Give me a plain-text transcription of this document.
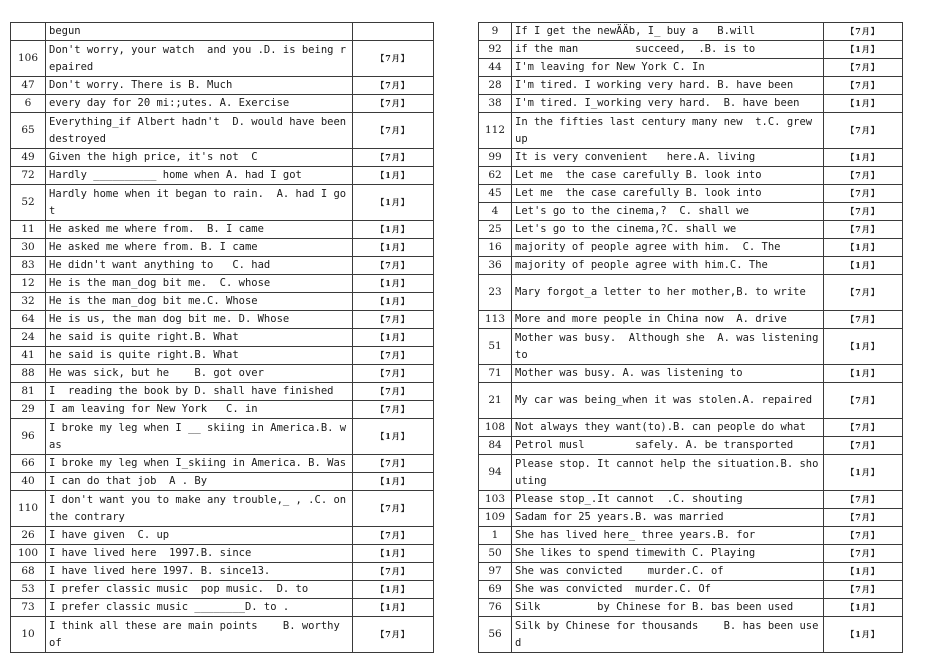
	begun	
106	Don't worry, your watch  and you .D. is being repaired	【7月】
47	Don't worry. There is B. Much	【7月】
6	every day for 20 mi:;utes. A. Exercise	【7月】
65	Everything_if Albert hadn't  D. would have been destroyed	【7月】
49	Given the high price, it's not  C	【7月】
72	Hardly __________ home when A. had I got	【1月】
52	Hardly home when it began to rain.  A. had I got	【1月】
11	He asked me where from.  B. I came	【1月】
30	He asked me where from. B. I came	【1月】
83	He didn't want anything to   C. had	【7月】
12	He is the man_dog bit me.  C. whose	【1月】
32	He is the man_dog bit me.C. Whose	【1月】
64	He is us, the man dog bit me. D. Whose	【7月】
24	he said is quite right.B. What	【1月】
41	he said is quite right.B. What	【7月】
88	He was sick, but he    B. got over	【7月】
81	I  reading the book by D. shall have finished	【7月】
29	I am leaving for New York   C. in	【7月】
96	I broke my leg when I __ skiing in America.B. was	【1月】
66	I broke my leg when I_skiing in America. B. Was	【7月】
40	I can do that job  A . By	【1月】
110	I don't want you to make any trouble,_ , .C. on the contrary	【7月】
26	I have given  C. up	【7月】
100	I have lived here  1997.B. since	【1月】
68	I have lived here 1997. B. since13.	【7月】
53	I prefer classic music  pop music.  D. to	【1月】
73	I prefer classic music ________D. to .	【1月】
10	I think all these are main points    B. worthy of	【7月】
9	If I get the newÄÄb, I_ buy a   B.will	【7月】
92	if the man         succeed,  .B. is to	【1月】
44	I'm leaving for New York C. In	【7月】
28	I'm tired. I working very hard. B. have been	【7月】
38	I'm tired. I_working very hard.  B. have been	【1月】
112	In the fifties last century many new  t.C. grew up	【7月】
99	It is very convenient   here.A. living	【1月】
62	Let me  the case carefully B. look into	【7月】
45	Let me  the case carefully B. look into	【7月】
4	Let's go to the cinema,?  C. shall we	【7月】
25	Let's go to the cinema,?C. shall we	【7月】
16	majority of people agree with him.  C. The	【1月】
36	majority of people agree with him.C. The	【1月】
23	Mary forgot_a letter to her mother,B. to write	【7月】
113	More and more people in China now  A. drive	【7月】
51	Mother was busy.  Although she  A. was listening to	【1月】
71	Mother was busy. A. was listening to	【1月】
21	My car was being_when it was stolen.A. repaired	【7月】
108	Not always they want(to).B. can people do what	【7月】
84	Petrol musl        safely. A. be transported	【7月】
94	Please stop. It cannot help the situation.B. shouting	【1月】
103	Please stop_.It cannot  .C. shouting	【7月】
109	Sadam for 25 years.B. was married	【7月】
1	She has lived here_ three years.B. for	【7月】
50	She likes to spend timewith C. Playing	【7月】
97	She was convicted    murder.C. of	【1月】
69	She was convicted  murder.C. Of	【7月】
76	Silk         by Chinese for B. bas been used	【1月】
56	Silk by Chinese for thousands    B. has been used	【1月】
